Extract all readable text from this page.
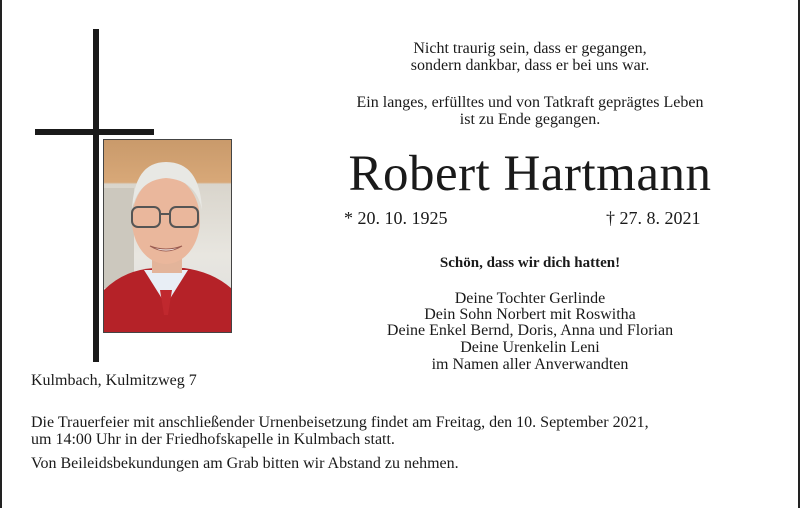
Nicht traurig sein, dass er gegangen,
sondern dankbar, dass er bei uns war.
Ein langes, erfülltes und von Tatkraft geprägtes Leben
ist zu Ende gegangen.
Robert Hartmann
* 20. 10. 1925	† 27. 8. 2021
Schön, dass wir dich hatten!
Deine Tochter Gerlinde
Dein Sohn Norbert mit Roswitha
Deine Enkel Bernd, Doris, Anna und Florian
Deine Urenkelin Leni
im Namen aller Anverwandten
Kulmbach, Kulmitzweg 7
Die Trauerfeier mit anschließender Urnenbeisetzung findet am Freitag, den 10. September 2021,
um 14:00 Uhr in der Friedhofskapelle in Kulmbach statt.
Von Beileidsbekundungen am Grab bitten wir Abstand zu nehmen.
